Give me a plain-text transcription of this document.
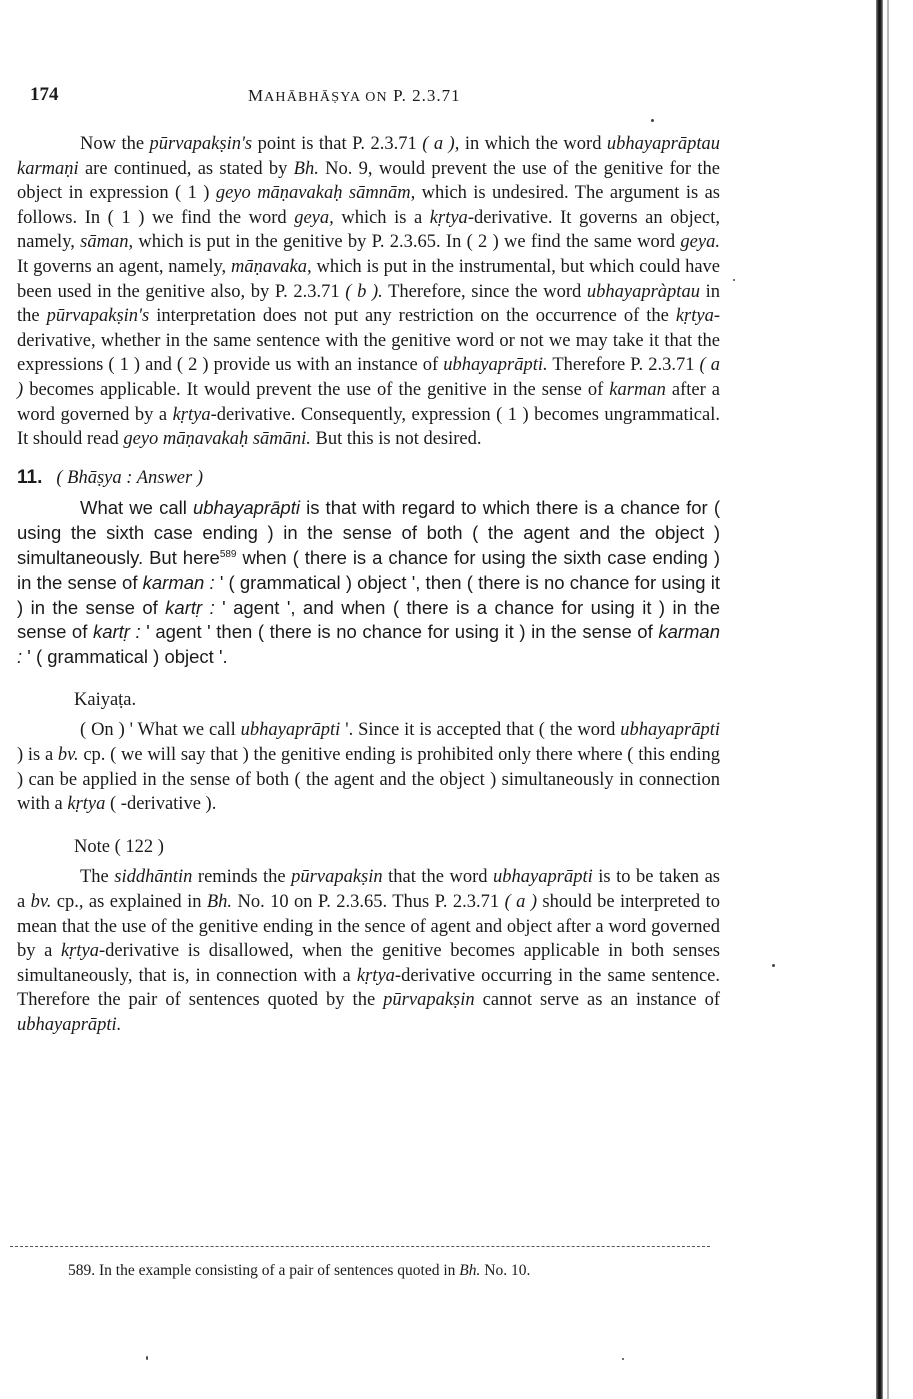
174	MAHĀBHĀṢYA ON P. 2.3.71

Now the pūrvapakṣin's point is that P. 2.3.71 ( a ), in which the word ubhayaprāptau karmaṇi are continued, as stated by Bh. No. 9, would prevent the use of the genitive for the object in expression ( 1 ) geyo māṇavakaḥ sāmnām, which is undesired. The argument is as follows. In ( 1 ) we find the word geya, which is a kṛtya-derivative. It governs an object, namely, sāman, which is put in the genitive by P. 2.3.65. In ( 2 ) we find the same word geya. It governs an agent, namely, māṇavaka, which is put in the instrumental, but which could have been used in the genitive also, by P. 2.3.71 ( b ). Therefore, since the word ubhayapràptau in the pūrvapakṣin's interpretation does not put any restriction on the occurrence of the kṛtya-derivative, whether in the same sentence with the genitive word or not we may take it that the expressions ( 1 ) and ( 2 ) provide us with an instance of ubhayaprāpti. Therefore P. 2.3.71 ( a ) becomes applicable. It would prevent the use of the genitive in the sense of karman after a word governed by a kṛtya-derivative. Consequently, expression ( 1 ) becomes ungrammatical. It should read geyo māṇavakaḥ sāmāni. But this is not desired.

11. ( Bhāṣya : Answer )

What we call ubhayaprāpti is that with regard to which there is a chance for ( using the sixth case ending ) in the sense of both ( the agent and the object ) simultaneously. But here$^{589}$ when ( there is a chance for using the sixth case ending ) in the sense of karman : ' ( grammatical ) object ', then ( there is no chance for using it ) in the sense of kartṛ : ' agent ', and when ( there is a chance for using it ) in the sense of kartṛ : ' agent ' then ( there is no chance for using it ) in the sense of karman : ' ( grammatical ) object '.

Kaiyaṭa.

( On ) ' What we call ubhayaprāpti '. Since it is accepted that ( the word ubhayaprāpti ) is a bv. cp. ( we will say that ) the genitive ending is prohibited only there where ( this ending ) can be applied in the sense of both ( the agent and the object ) simultaneously in connection with a kṛtya ( -derivative ).

Note ( 122 )

The siddhāntin reminds the pūrvapakṣin that the word ubhayaprāpti is to be taken as a bv. cp., as explained in Bh. No. 10 on P. 2.3.65. Thus P. 2.3.71 ( a ) should be interpreted to mean that the use of the genitive ending in the sence of agent and object after a word governed by a kṛtya-derivative is disallowed, when the genitive becomes applicable in both senses simultaneously, that is, in connection with a kṛtya-derivative occurring in the same sentence. Therefore the pair of sentences quoted by the pūrvapakṣin cannot serve as an instance of ubhayaprāpti.

589. In the example consisting of a pair of sentences quoted in Bh. No. 10.
